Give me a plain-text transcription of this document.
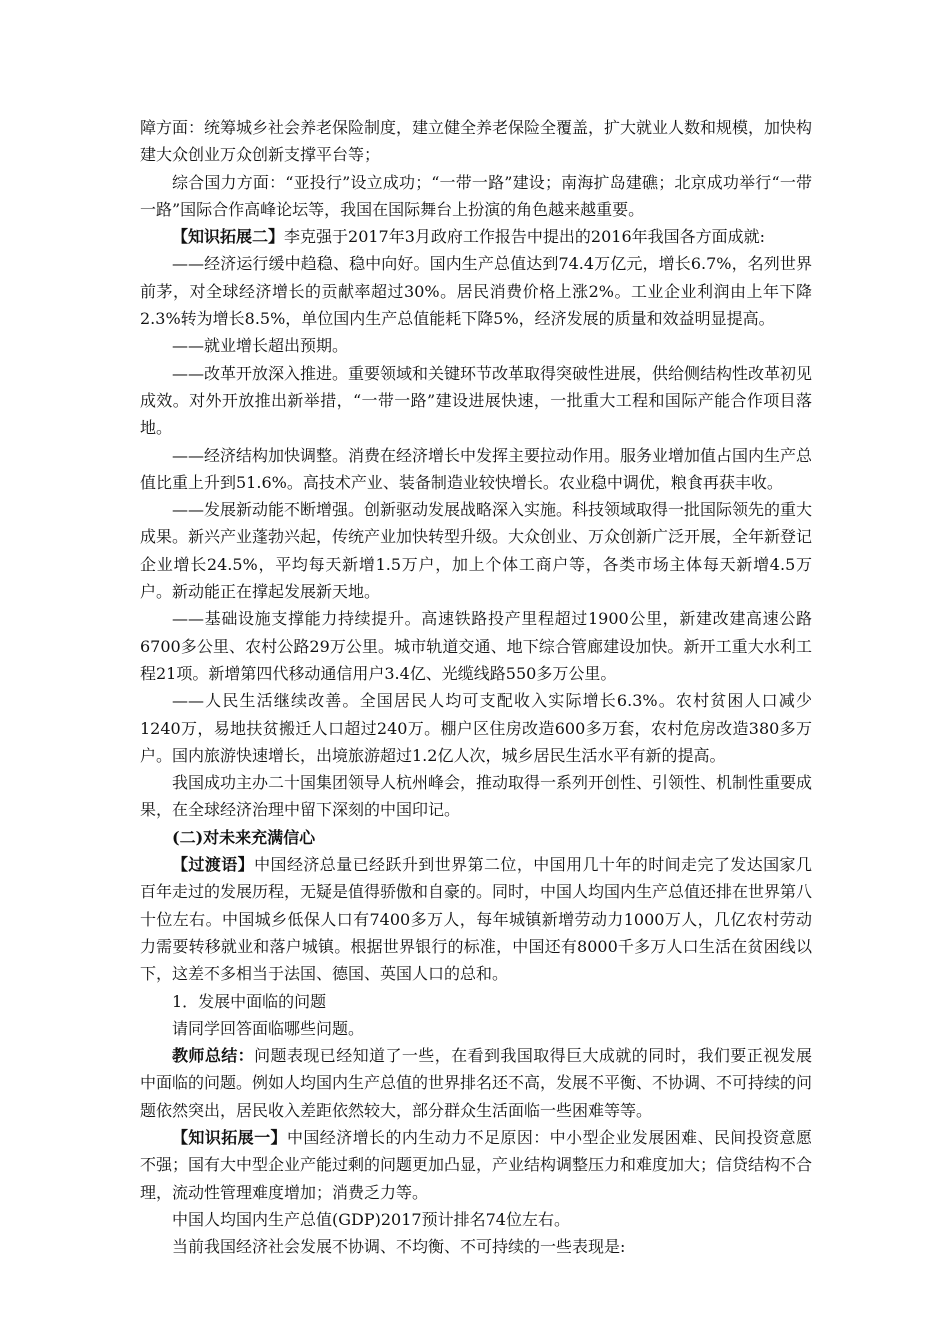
障方面：统筹城乡社会养老保险制度，建立健全养老保险全覆盖，扩大就业人数和规模，加快构建大众创业万众创新支撑平台等；

综合国力方面：“亚投行”设立成功；“一带一路”建设；南海扩岛建礁；北京成功举行“一带一路”国际合作高峰论坛等，我国在国际舞台上扮演的角色越来越重要。

【知识拓展二】李克强于2017年3月政府工作报告中提出的2016年我国各方面成就:

——经济运行缓中趋稳、稳中向好。国内生产总值达到74.4万亿元，增长6.7%，名列世界前茅，对全球经济增长的贡献率超过30%。居民消费价格上涨2%。工业企业利润由上年下降2.3%转为增长8.5%，单位国内生产总值能耗下降5%，经济发展的质量和效益明显提高。

——就业增长超出预期。

——改革开放深入推进。重要领域和关键环节改革取得突破性进展，供给侧结构性改革初见成效。对外开放推出新举措，“一带一路”建设进展快速，一批重大工程和国际产能合作项目落地。

——经济结构加快调整。消费在经济增长中发挥主要拉动作用。服务业增加值占国内生产总值比重上升到51.6%。高技术产业、装备制造业较快增长。农业稳中调优，粮食再获丰收。

——发展新动能不断增强。创新驱动发展战略深入实施。科技领域取得一批国际领先的重大成果。新兴产业蓬勃兴起，传统产业加快转型升级。大众创业、万众创新广泛开展，全年新登记企业增长24.5%，平均每天新增1.5万户，加上个体工商户等，各类市场主体每天新增4.5万户。新动能正在撑起发展新天地。

——基础设施支撑能力持续提升。高速铁路投产里程超过1900公里，新建改建高速公路6700多公里、农村公路29万公里。城市轨道交通、地下综合管廊建设加快。新开工重大水利工程21项。新增第四代移动通信用户3.4亿、光缆线路550多万公里。

——人民生活继续改善。全国居民人均可支配收入实际增长6.3%。农村贫困人口减少1240万，易地扶贫搬迁人口超过240万。棚户区住房改造600多万套，农村危房改造380多万户。国内旅游快速增长，出境旅游超过1.2亿人次，城乡居民生活水平有新的提高。

我国成功主办二十国集团领导人杭州峰会，推动取得一系列开创性、引领性、机制性重要成果，在全球经济治理中留下深刻的中国印记。

(二)对未来充满信心

【过渡语】中国经济总量已经跃升到世界第二位，中国用几十年的时间走完了发达国家几百年走过的发展历程，无疑是值得骄傲和自豪的。同时，中国人均国内生产总值还排在世界第八十位左右。中国城乡低保人口有7400多万人，每年城镇新增劳动力1000万人，几亿农村劳动力需要转移就业和落户城镇。根据世界银行的标准，中国还有8000千多万人口生活在贫困线以下，这差不多相当于法国、德国、英国人口的总和。

1．发展中面临的问题

请同学回答面临哪些问题。

教师总结：问题表现已经知道了一些，在看到我国取得巨大成就的同时，我们要正视发展中面临的问题。例如人均国内生产总值的世界排名还不高，发展不平衡、不协调、不可持续的问题依然突出，居民收入差距依然较大，部分群众生活面临一些困难等等。

【知识拓展一】中国经济增长的内生动力不足原因：中小型企业发展困难、民间投资意愿不强；国有大中型企业产能过剩的问题更加凸显，产业结构调整压力和难度加大；信贷结构不合理，流动性管理难度增加；消费乏力等。

中国人均国内生产总值(GDP)2017预计排名74位左右。

当前我国经济社会发展不协调、不均衡、不可持续的一些表现是:
